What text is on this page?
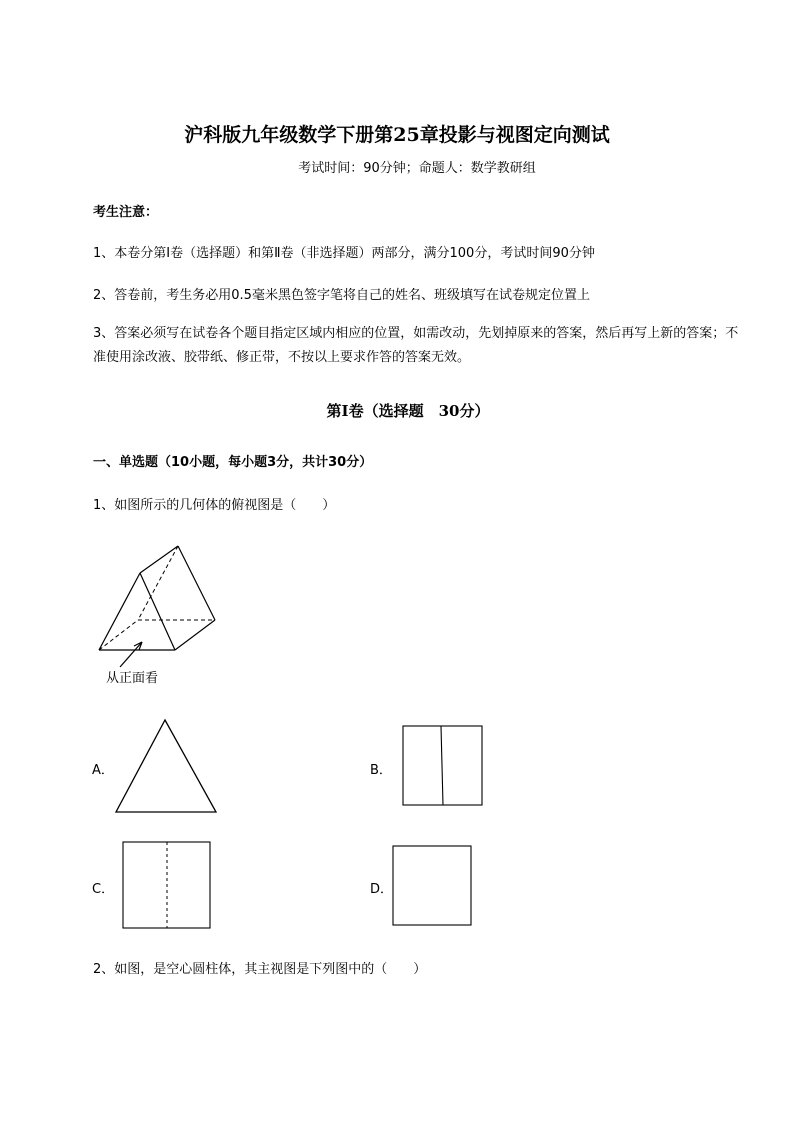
沪科版九年级数学下册第25章投影与视图定向测试
考试时间：90分钟；命题人：数学教研组
考生注意：
1、本卷分第I卷（选择题）和第Ⅱ卷（非选择题）两部分，满分100分，考试时间90分钟
2、答卷前，考生务必用0.5毫米黑色签字笔将自己的姓名、班级填写在试卷规定位置上
3、答案必须写在试卷各个题目指定区域内相应的位置，如需改动，先划掉原来的答案，然后再写上新的答案；不准使用涂改液、胶带纸、修正带，不按以上要求作答的答案无效。
第I卷（选择题　30分）
一、单选题（10小题，每小题3分，共计30分）
1、如图所示的几何体的俯视图是（　　）
从正面看
A．	B．
C．	D．
2、如图，是空心圆柱体，其主视图是下列图中的（　　）
